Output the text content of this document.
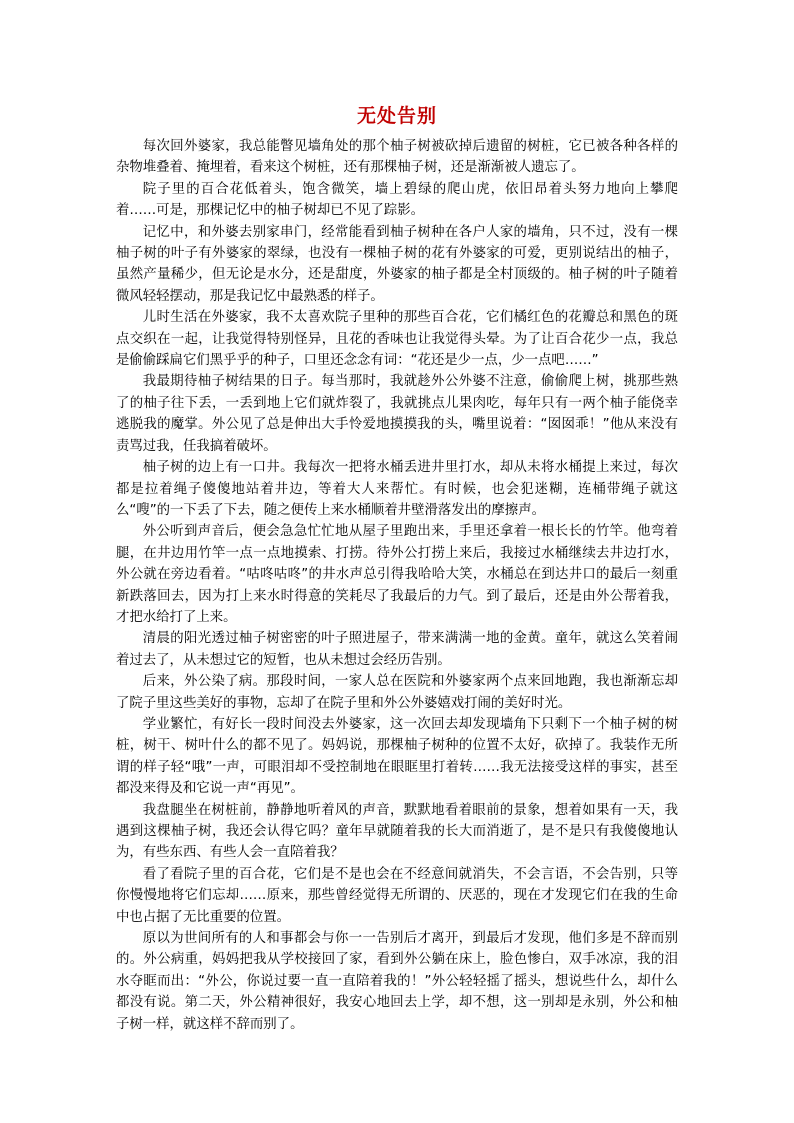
无处告别

每次回外婆家，我总能瞥见墙角处的那个柚子树被砍掉后遗留的树桩，它已被各种各样的杂物堆叠着、掩埋着，看来这个树桩，还有那棵柚子树，还是渐渐被人遗忘了。

院子里的百合花低着头，饱含微笑，墙上碧绿的爬山虎，依旧昂着头努力地向上攀爬着……可是，那棵记忆中的柚子树却已不见了踪影。

记忆中，和外婆去别家串门，经常能看到柚子树种在各户人家的墙角，只不过，没有一棵柚子树的叶子有外婆家的翠绿，也没有一棵柚子树的花有外婆家的可爱，更别说结出的柚子，虽然产量稀少，但无论是水分，还是甜度，外婆家的柚子都是全村顶级的。柚子树的叶子随着微风轻轻摆动，那是我记忆中最熟悉的样子。

儿时生活在外婆家，我不太喜欢院子里种的那些百合花，它们橘红色的花瓣总和黑色的斑点交织在一起，让我觉得特别怪异，且花的香味也让我觉得头晕。为了让百合花少一点，我总是偷偷踩扁它们黑乎乎的种子，口里还念念有词：“花还是少一点，少一点吧……”

我最期待柚子树结果的日子。每当那时，我就趁外公外婆不注意，偷偷爬上树，挑那些熟了的柚子往下丢，一丢到地上它们就炸裂了，我就挑点儿果肉吃，每年只有一两个柚子能侥幸逃脱我的魔掌。外公见了总是伸出大手怜爱地摸摸我的头，嘴里说着：“囡囡乖！”他从来没有责骂过我，任我搞着破坏。

柚子树的边上有一口井。我每次一把将水桶丢进井里打水，却从未将水桶提上来过，每次都是拉着绳子傻傻地站着井边，等着大人来帮忙。有时候，也会犯迷糊，连桶带绳子就这么“嗖”的一下丢了下去，随之便传上来水桶顺着井壁滑落发出的摩擦声。

外公听到声音后，便会急急忙忙地从屋子里跑出来，手里还拿着一根长长的竹竿。他弯着腿，在井边用竹竿一点一点地摸索、打捞。待外公打捞上来后，我接过水桶继续去井边打水，外公就在旁边看着。“咕咚咕咚”的井水声总引得我哈哈大笑，水桶总在到达井口的最后一刻重新跌落回去，因为打上来水时得意的笑耗尽了我最后的力气。到了最后，还是由外公帮着我，才把水给打了上来。

清晨的阳光透过柚子树密密的叶子照进屋子，带来满满一地的金黄。童年，就这么笑着闹着过去了，从未想过它的短暂，也从未想过会经历告别。

后来，外公染了病。那段时间，一家人总在医院和外婆家两个点来回地跑，我也渐渐忘却了院子里这些美好的事物，忘却了在院子里和外公外婆嬉戏打闹的美好时光。

学业繁忙，有好长一段时间没去外婆家，这一次回去却发现墙角下只剩下一个柚子树的树桩，树干、树叶什么的都不见了。妈妈说，那棵柚子树种的位置不太好，砍掉了。我装作无所谓的样子轻“哦”一声，可眼泪却不受控制地在眼眶里打着转……我无法接受这样的事实，甚至都没来得及和它说一声“再见”。

我盘腿坐在树桩前，静静地听着风的声音，默默地看着眼前的景象，想着如果有一天，我遇到这棵柚子树，我还会认得它吗？童年早就随着我的长大而消逝了，是不是只有我傻傻地认为，有些东西、有些人会一直陪着我？

看了看院子里的百合花，它们是不是也会在不经意间就消失，不会言语，不会告别，只等你慢慢地将它们忘却……原来，那些曾经觉得无所谓的、厌恶的，现在才发现它们在我的生命中也占据了无比重要的位置。

原以为世间所有的人和事都会与你一一告别后才离开，到最后才发现，他们多是不辞而别的。外公病重，妈妈把我从学校接回了家，看到外公躺在床上，脸色惨白，双手冰凉，我的泪水夺眶而出：“外公，你说过要一直一直陪着我的！”外公轻轻摇了摇头，想说些什么，却什么都没有说。第二天，外公精神很好，我安心地回去上学，却不想，这一别却是永别，外公和柚子树一样，就这样不辞而别了。
